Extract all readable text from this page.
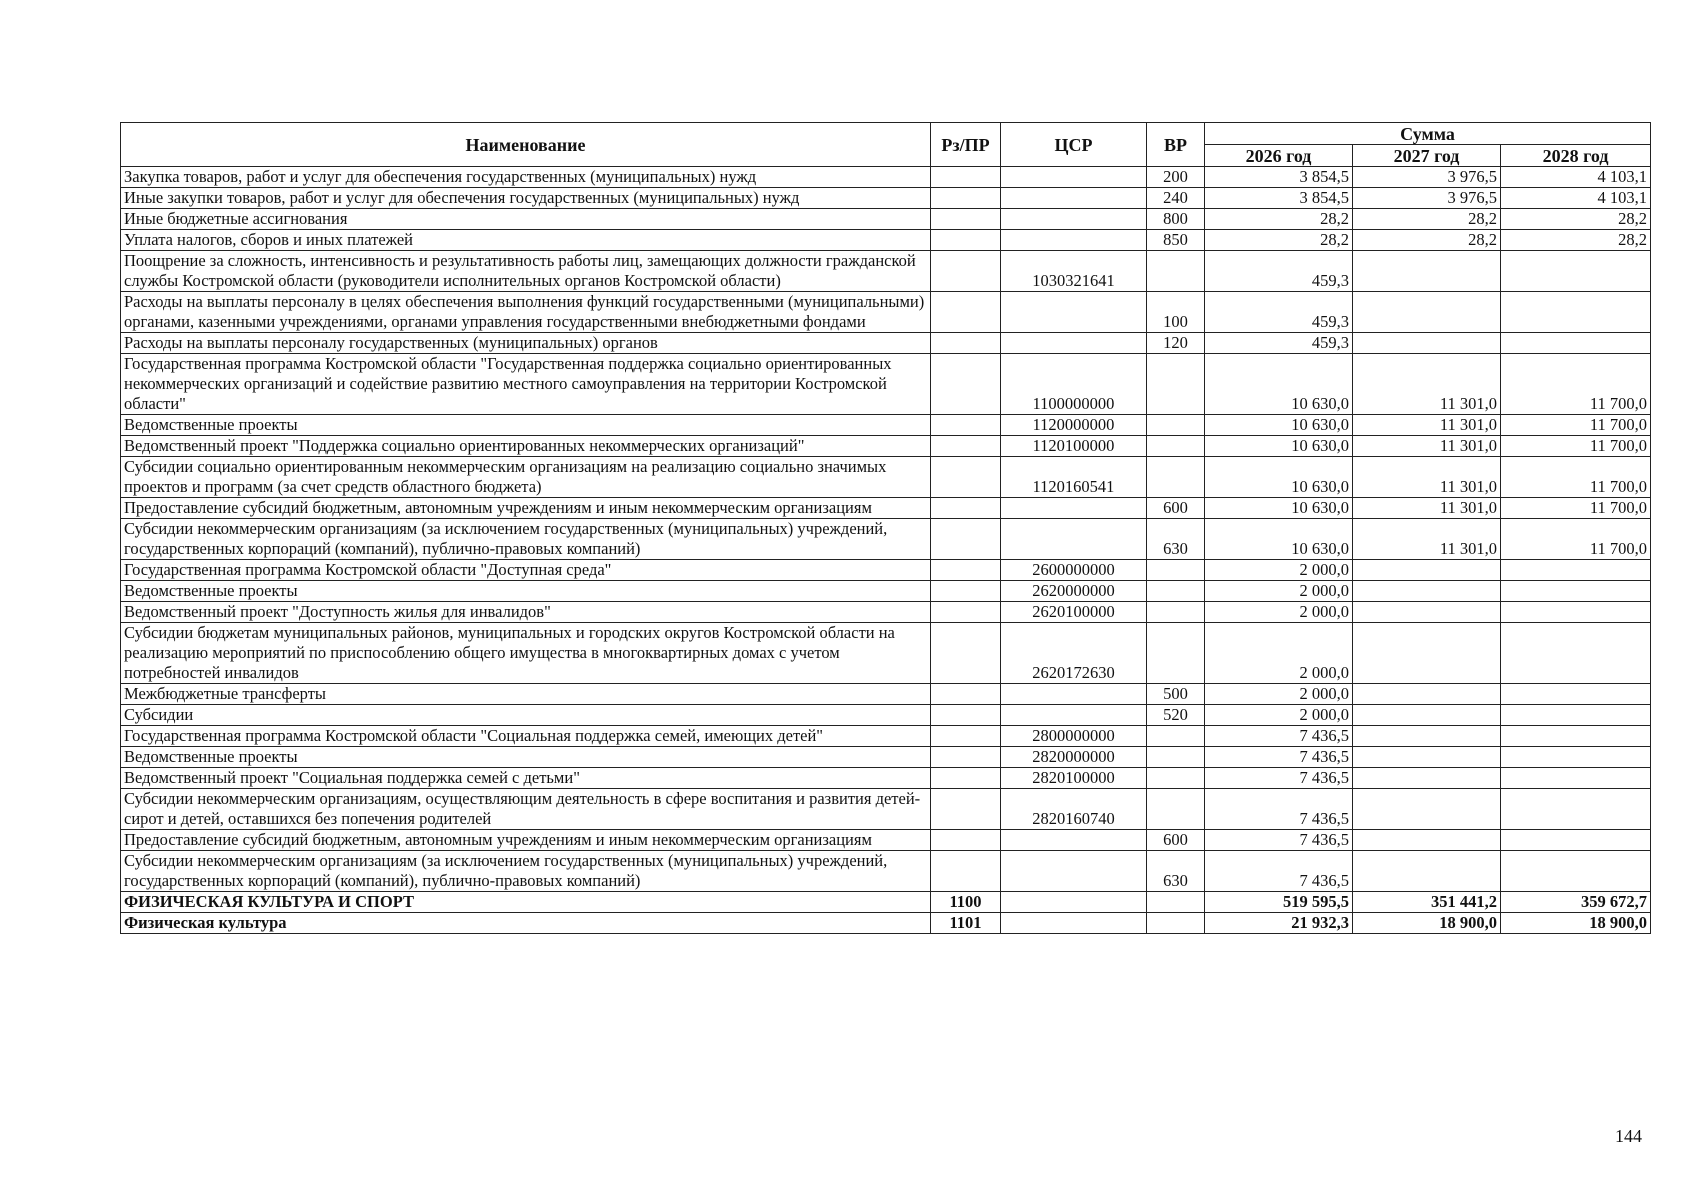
Наименование	Рз/ПР	ЦСР	ВР	Сумма		
				2026 год	2027 год	2028 год
Закупка товаров, работ и услуг для обеспечения государственных (муниципальных) нужд			200	3 854,5	3 976,5	4 103,1
Иные закупки товаров, работ и услуг для обеспечения государственных (муниципальных) нужд			240	3 854,5	3 976,5	4 103,1
Иные бюджетные ассигнования			800	28,2	28,2	28,2
Уплата налогов, сборов и иных платежей			850	28,2	28,2	28,2
Поощрение за сложность, интенсивность и результативность работы лиц, замещающих должности гражданской службы Костромской области (руководители исполнительных органов Костромской области)		1030321641		459,3		
Расходы на выплаты персоналу в целях обеспечения выполнения функций государственными (муниципальными) органами, казенными учреждениями, органами управления государственными внебюджетными фондами			100	459,3		
Расходы на выплаты персоналу государственных (муниципальных) органов			120	459,3		
Государственная программа Костромской области "Государственная поддержка социально ориентированных некоммерческих организаций и содействие развитию местного самоуправления на территории Костромской области"		1100000000		10 630,0	11 301,0	11 700,0
Ведомственные проекты		1120000000		10 630,0	11 301,0	11 700,0
Ведомственный проект "Поддержка социально ориентированных некоммерческих организаций"		1120100000		10 630,0	11 301,0	11 700,0
Субсидии социально ориентированным некоммерческим организациям на реализацию социально значимых проектов и программ (за счет средств областного бюджета)		1120160541		10 630,0	11 301,0	11 700,0
Предоставление субсидий бюджетным, автономным учреждениям и иным некоммерческим организациям			600	10 630,0	11 301,0	11 700,0
Субсидии некоммерческим организациям (за исключением государственных (муниципальных) учреждений, государственных корпораций (компаний), публично-правовых компаний)			630	10 630,0	11 301,0	11 700,0
Государственная программа Костромской области "Доступная среда"		2600000000		2 000,0		
Ведомственные проекты		2620000000		2 000,0		
Ведомственный проект "Доступность жилья для инвалидов"		2620100000		2 000,0		
Субсидии бюджетам муниципальных районов, муниципальных и городских округов Костромской области на реализацию мероприятий по приспособлению общего имущества в многоквартирных домах с учетом потребностей инвалидов		2620172630		2 000,0		
Межбюджетные трансферты			500	2 000,0		
Субсидии			520	2 000,0		
Государственная программа Костромской области "Социальная поддержка семей, имеющих детей"		2800000000		7 436,5		
Ведомственные проекты		2820000000		7 436,5		
Ведомственный проект "Социальная поддержка семей с детьми"		2820100000		7 436,5		
Субсидии некоммерческим организациям, осуществляющим деятельность в сфере воспитания и развития детей-сирот и детей, оставшихся без попечения родителей		2820160740		7 436,5		
Предоставление субсидий бюджетным, автономным учреждениям и иным некоммерческим организациям			600	7 436,5		
Субсидии некоммерческим организациям (за исключением государственных (муниципальных) учреждений, государственных корпораций (компаний), публично-правовых компаний)			630	7 436,5		
ФИЗИЧЕСКАЯ КУЛЬТУРА И СПОРТ	1100			519 595,5	351 441,2	359 672,7
Физическая культура	1101			21 932,3	18 900,0	18 900,0
144
